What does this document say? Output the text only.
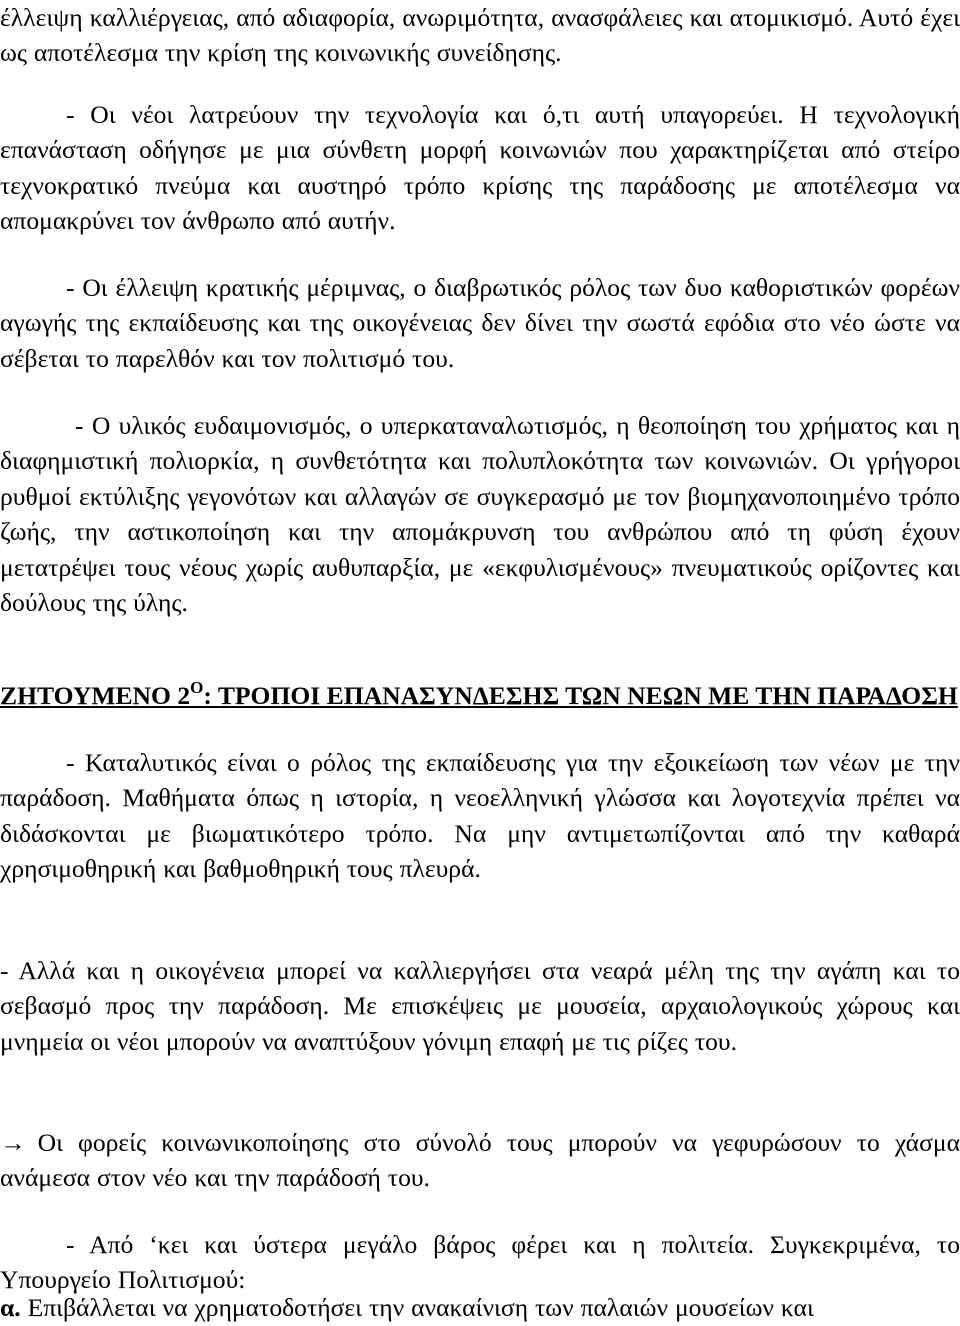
έλλειψη καλλιέργειας, από αδιαφορία, ανωριμότητα, ανασφάλειες και ατομικισμό. Αυτό έχει ως αποτέλεσμα την κρίση της κοινωνικής συνείδησης.

- Οι νέοι λατρεύουν την τεχνολογία και ό,τι αυτή υπαγορεύει. Η τεχνολογική επανάσταση οδήγησε με μια σύνθετη μορφή κοινωνιών που χαρακτηρίζεται από στείρο τεχνοκρατικό πνεύμα και αυστηρό τρόπο κρίσης της παράδοσης με αποτέλεσμα να απομακρύνει τον άνθρωπο από αυτήν.

- Οι έλλειψη κρατικής μέριμνας, ο διαβρωτικός ρόλος των δυο καθοριστικών φορέων αγωγής της εκπαίδευσης και της οικογένειας δεν δίνει την σωστά εφόδια στο νέο ώστε να σέβεται το παρελθόν και τον πολιτισμό του.

- Ο υλικός ευδαιμονισμός, ο υπερκαταναλωτισμός, η θεοποίηση του χρήματος και η διαφημιστική πολιορκία, η συνθετότητα και πολυπλοκότητα των κοινωνιών. Οι γρήγοροι ρυθμοί εκτύλιξης γεγονότων και αλλαγών σε συγκερασμό με τον βιομηχανοποιημένο τρόπο ζωής, την αστικοποίηση και την απομάκρυνση του ανθρώπου από τη φύση έχουν μετατρέψει τους νέους χωρίς αυθυπαρξία, με «εκφυλισμένους» πνευματικούς ορίζοντες και δούλους της ύλης.

ΖΗΤΟΥΜΕΝΟ $2^O$: ΤΡΟΠΟΙ ΕΠΑΝΑΣΥΝΔΕΣΗΣ ΤΩΝ ΝΕΩΝ ΜΕ ΤΗΝ ΠΑΡΑΔΟΣΗ

- Καταλυτικός είναι ο ρόλος της εκπαίδευσης για την εξοικείωση των νέων με την παράδοση. Μαθήματα όπως η ιστορία, η νεοελληνική γλώσσα και λογοτεχνία πρέπει να διδάσκονται με βιωματικότερο τρόπο. Να μην αντιμετωπίζονται από την καθαρά χρησιμοθηρική και βαθμοθηρική τους πλευρά.

- Αλλά και η οικογένεια μπορεί να καλλιεργήσει στα νεαρά μέλη της την αγάπη και το σεβασμό προς την παράδοση. Με επισκέψεις με μουσεία, αρχαιολογικούς χώρους και μνημεία οι νέοι μπορούν να αναπτύξουν γόνιμη επαφή με τις ρίζες του.

→ Οι φορείς κοινωνικοποίησης στο σύνολό τους μπορούν να γεφυρώσουν το χάσμα ανάμεσα στον νέο και την παράδοσή του.

- Από ‘κει και ύστερα μεγάλο βάρος φέρει και η πολιτεία. Συγκεκριμένα, το Υπουργείο Πολιτισμού:

α. Επιβάλλεται να χρηματοδοτήσει την ανακαίνιση των παλαιών μουσείων και
